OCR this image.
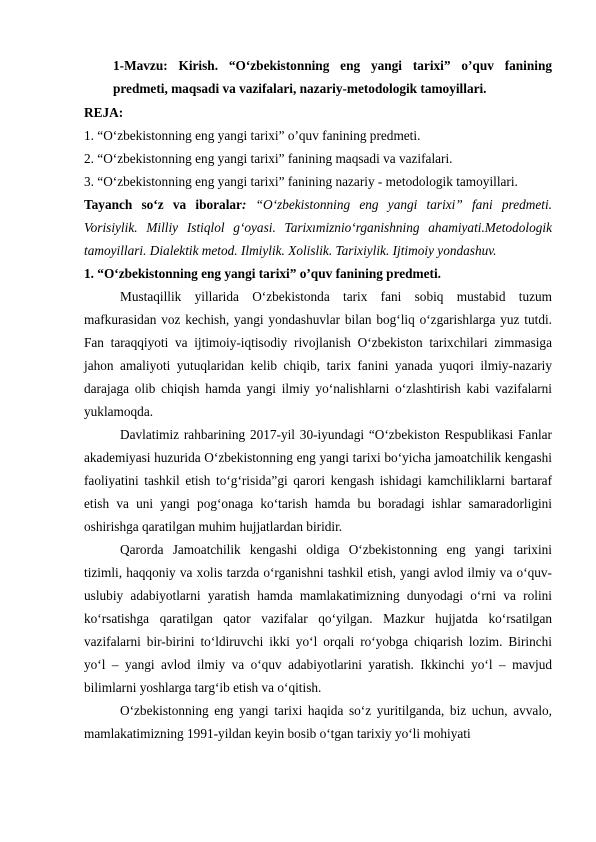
1-Mavzu: Kirish. “O‘zbekistonning eng yangi tarixi” o’quv fanining predmeti, maqsadi va vazifalari, nazariy-metodologik tamoyillari.

REJA:

1. “O‘zbekistonning eng yangi tarixi” o’quv fanining predmeti.

2. “O‘zbekistonning eng yangi tarixi” fanining maqsadi va vazifalari.

3. “O‘zbekistonning eng yangi tarixi” fanining nazariy - metodologik tamoyillari.

Tayanch so‘z va iboralar: “O‘zbekistonning eng yangi tarixi” fani predmeti. Vorisiylik. Milliy Istiqlol g‘oyasi. Tarixımiznio‘rganishning ahamiyati.Metodologik tamoyillari. Dialektik metod. Ilmiylik. Xolislik. Tarixiylik. Ijtimoiy yondashuv.

1. “O‘zbekistonning eng yangi tarixi” o’quv fanining predmeti.

Mustaqillik yillarida O‘zbekistonda tarix fani sobiq mustabid tuzum mafkurasidan voz kechish, yangi yondashuvlar bilan bog‘liq o‘zgarishlarga yuz tutdi. Fan taraqqiyoti va ijtimoiy-iqtisodiy rivojlanish O‘zbekiston tarixchilari zimmasiga jahon amaliyoti yutuqlaridan kelib chiqib, tarix fanini yanada yuqori ilmiy-nazariy darajaga olib chiqish hamda yangi ilmiy yo‘nalishlarni o‘zlashtirish kabi vazifalarni yuklamoqda.

Davlatimiz rahbarining 2017-yil 30-iyundagi “O‘zbekiston Respublikasi Fanlar akademiyasi huzurida O‘zbekistonning eng yangi tarixi bo‘yicha jamoatchilik kengashi faoliyatini tashkil etish to‘g‘risida”gi qarori kengash ishidagi kamchiliklarni bartaraf etish va uni yangi pog‘onaga ko‘tarish hamda bu boradagi ishlar samaradorligini oshirishga qaratilgan muhim hujjatlardan biridir.

Qarorda Jamoatchilik kengashi oldiga O‘zbekistonning eng yangi tarixini tizimli, haqqoniy va xolis tarzda o‘rganishni tashkil etish, yangi avlod ilmiy va o‘quv-uslubiy adabiyotlarni yaratish hamda mamlakatimizning dunyodagi o‘rni va rolini ko‘rsatishga qaratilgan qator vazifalar qo‘yilgan. Mazkur hujjatda ko‘rsatilgan vazifalarni bir-birini to‘ldiruvchi ikki yo‘l orqali ro‘yobga chiqarish lozim. Birinchi yo‘l – yangi avlod ilmiy va o‘quv adabiyotlarini yaratish. Ikkinchi yo‘l – mavjud bilimlarni yoshlarga targ‘ib etish va o‘qitish.

O‘zbekistonning eng yangi tarixi haqida so‘z yuritilganda, biz uchun, avvalo, mamlakatimizning 1991-yildan keyin bosib o‘tgan tarixiy yo‘li mohiyati
